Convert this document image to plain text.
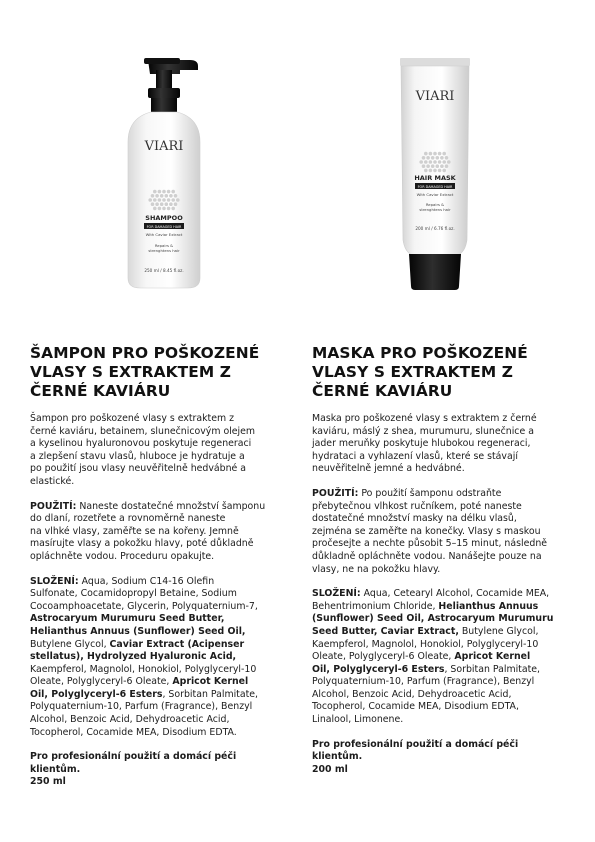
VIARI
SHAMPOO
FOR DAMAGED HAIR
With Caviar Extract
Repairs &
strenghtens hair
250 ml / 8.45 fl.oz.
VIARI
HAIR MASK
FOR DAMAGED HAIR
With Caviar Extract
Repairs &
strenghtens hair
200 ml / 6.76 fl.oz.
ŠAMPON PRO POŠKOZENÉ
VLASY S EXTRAKTEM Z
ČERNÉ KAVIÁRU

Šampon pro poškozené vlasy s extraktem z
černé kaviáru, betainem, slunečnicovým olejem
a kyselinou hyaluronovou poskytuje regeneraci
a zlepšení stavu vlasů, hluboce je hydratuje a
po použití jsou vlasy neuvěřitelně hedvábné a
elastické.

POUŽITÍ: Naneste dostatečné množství šamponu
do dlaní, rozetřete a rovnoměrně naneste
na vlhké vlasy, zaměřte se na kořeny. Jemně
masírujte vlasy a pokožku hlavy, poté důkladně
opláchněte vodou. Proceduru opakujte.

SLOŽENÍ: Aqua, Sodium C14-16 Olefin
Sulfonate, Cocamidopropyl Betaine, Sodium
Cocoamphoacetate, Glycerin, Polyquaternium-7,
Astrocaryum Murumuru Seed Butter,
Helianthus Annuus (Sunflower) Seed Oil,
Butylene Glycol, Caviar Extract (Acipenser
stellatus), Hydrolyzed Hyaluronic Acid,
Kaempferol, Magnolol, Honokiol, Polyglyceryl-10
Oleate, Polyglyceryl-6 Oleate, Apricot Kernel
Oil, Polyglyceryl-6 Esters, Sorbitan Palmitate,
Polyquaternium-10, Parfum (Fragrance), Benzyl
Alcohol, Benzoic Acid, Dehydroacetic Acid,
Tocopherol, Cocamide MEA, Disodium EDTA.

Pro profesionální použití a domácí péči
klientům.
250 ml

MASKA PRO POŠKOZENÉ
VLASY S EXTRAKTEM Z
ČERNÉ KAVIÁRU

Maska pro poškozené vlasy s extraktem z černé
kaviáru, máslý z shea, murumuru, slunečnice a
jader meruňky poskytuje hlubokou regeneraci,
hydrataci a vyhlazení vlasů, které se stávají
neuvěřitelně jemné a hedvábné.

POUŽITÍ: Po použití šamponu odstraňte
přebytečnou vlhkost ručníkem, poté naneste
dostatečné množství masky na délku vlasů,
zejména se zaměřte na konečky. Vlasy s maskou
pročesejte a nechte působit 5–15 minut, následně
důkladně opláchněte vodou. Nanášejte pouze na
vlasy, ne na pokožku hlavy.

SLOŽENÍ: Aqua, Cetearyl Alcohol, Cocamide MEA,
Behentrimonium Chloride, Helianthus Annuus
(Sunflower) Seed Oil, Astrocaryum Murumuru
Seed Butter, Caviar Extract, Butylene Glycol,
Kaempferol, Magnolol, Honokiol, Polyglyceryl-10
Oleate, Polyglyceryl-6 Oleate, Apricot Kernel
Oil, Polyglyceryl-6 Esters, Sorbitan Palmitate,
Polyquaternium-10, Parfum (Fragrance), Benzyl
Alcohol, Benzoic Acid, Dehydroacetic Acid,
Tocopherol, Cocamide MEA, Disodium EDTA,
Linalool, Limonene.

Pro profesionální použití a domácí péči
klientům.
200 ml
